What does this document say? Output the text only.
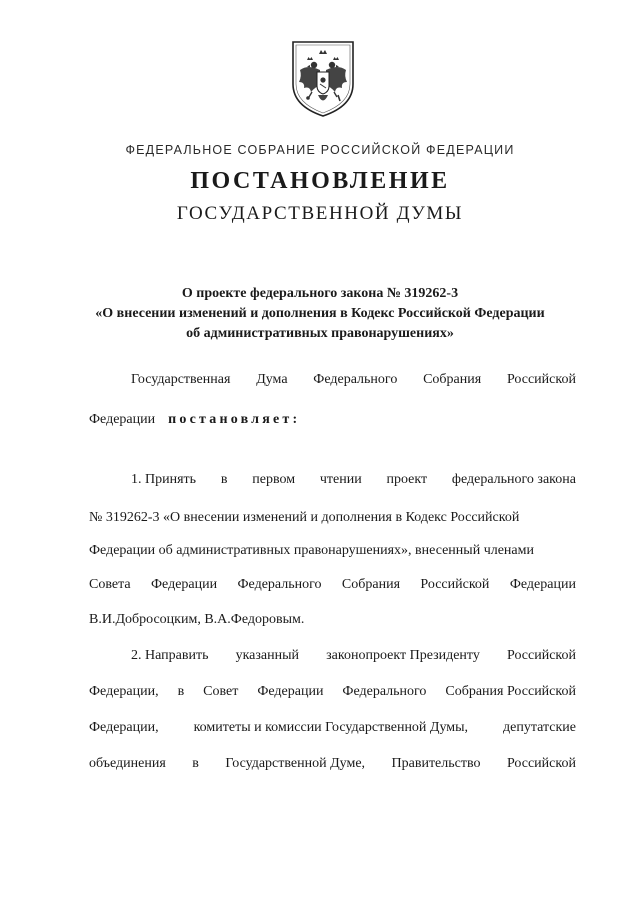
ФЕДЕРАЛЬНОЕ СОБРАНИЕ РОССИЙСКОЙ ФЕДЕРАЦИИ
ПОСТАНОВЛЕНИЕ
ГОСУДАРСТВЕННОЙ ДУМЫ
О проекте федерального закона № 319262-3
«О внесении изменений и дополнения в Кодекс Российской Федерации
об административных правонарушениях»
Государственная Дума Федерального Собрания Российской
Федерации постановляет:
1. Принять в первом чтении проект федерального закона
№ 319262-3 «О внесении изменений и дополнения в Кодекс Российской
Федерации об административных правонарушениях», внесенный членами
Совета Федерации Федерального Собрания Российской Федерации
В.И.Добросоцким, В.А.Федоровым.
2. Направить указанный законопроект Президенту Российской
Федерации, в Совет Федерации Федерального Собрания Российской
Федерации, комитеты и комиссии Государственной Думы, депутатские
объединения в Государственной Думе, Правительство Российской
